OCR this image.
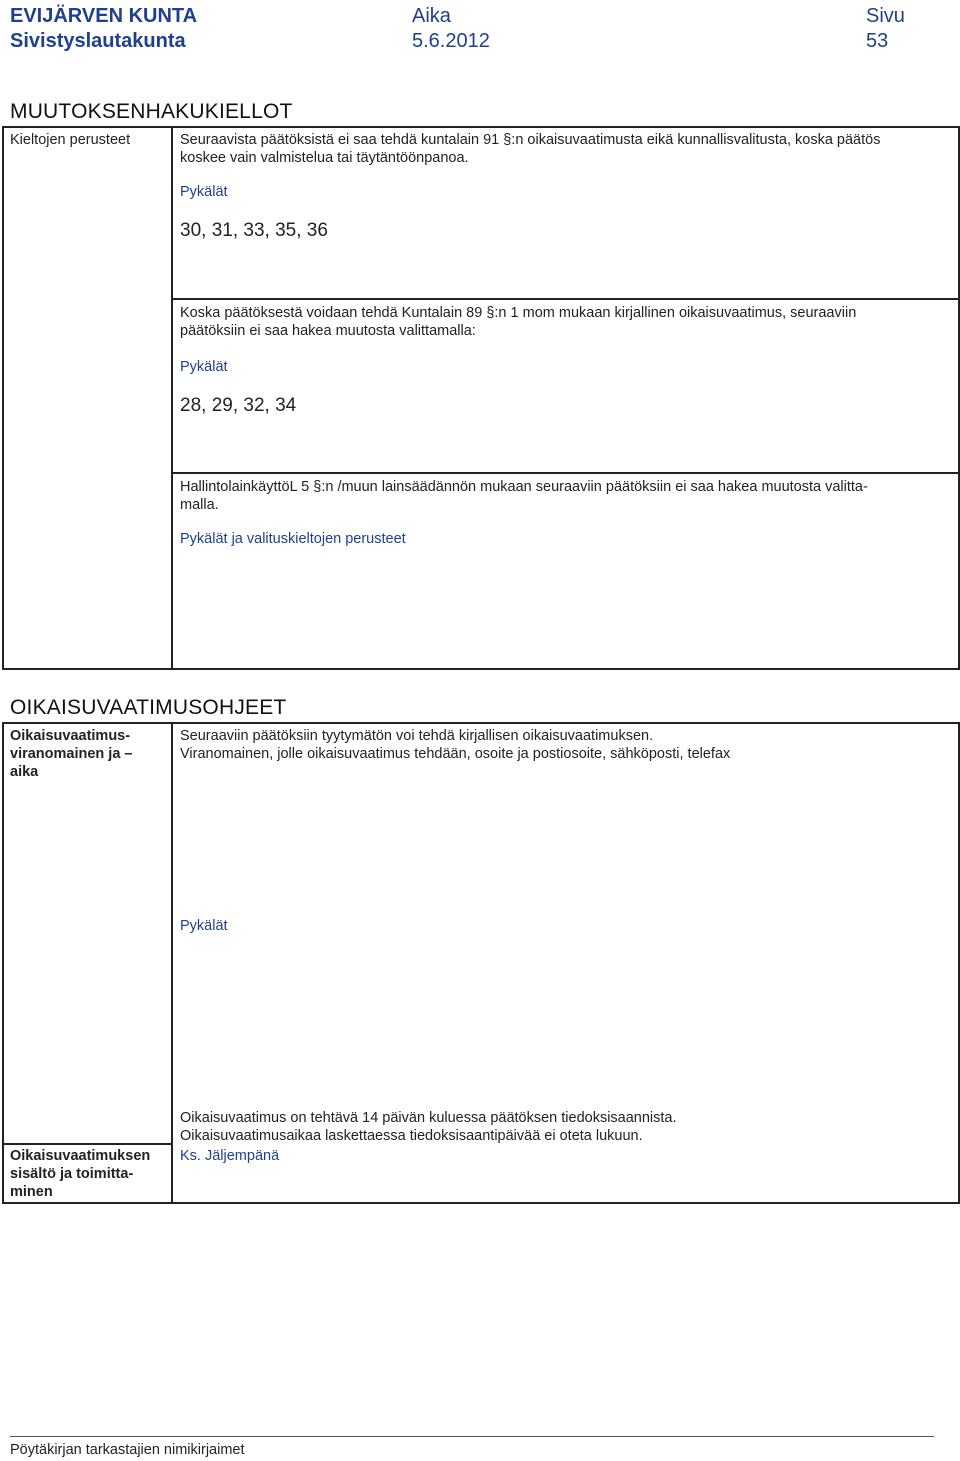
EVIJÄRVEN KUNTA
Sivistyslautakunta
Aika
5.6.2012
Sivu
53
MUUTOKSENHAKUKIELLOT
Kieltojen perusteet	Seuraavista päätöksistä ei saa tehdä kuntalain 91 §:n oikaisuvaatimusta eikä kunnallisvalitusta, koska päätös
koskee vain valmistelua tai täytäntöönpanoa.
Pykälät
30, 31, 33, 35, 36
Koska päätöksestä voidaan tehdä Kuntalain 89 §:n 1 mom mukaan kirjallinen oikaisuvaatimus, seuraaviin
päätöksiin ei saa hakea muutosta valittamalla:
Pykälät
28, 29, 32, 34
HallintolainkäyttöL 5 §:n /muun lainsäädännön mukaan seuraaviin päätöksiin ei saa hakea muutosta valitta-
malla.
Pykälät ja valituskieltojen perusteet
OIKAISUVAATIMUSOHJEET
Oikaisuvaatimus-
viranomainen ja –
aika
Seuraaviin päätöksiin tyytymätön voi tehdä kirjallisen oikaisuvaatimuksen.
Viranomainen, jolle oikaisuvaatimus tehdään, osoite ja postiosoite, sähköposti, telefax
Pykälät
Oikaisuvaatimus on tehtävä 14 päivän kuluessa päätöksen tiedoksisaannista.
Oikaisuvaatimusaikaa laskettaessa tiedoksisaantipäivää ei oteta lukuun.
Oikaisuvaatimuksen
sisältö ja toimitta-
minen
Ks. Jäljempänä
Pöytäkirjan tarkastajien nimikirjaimet
